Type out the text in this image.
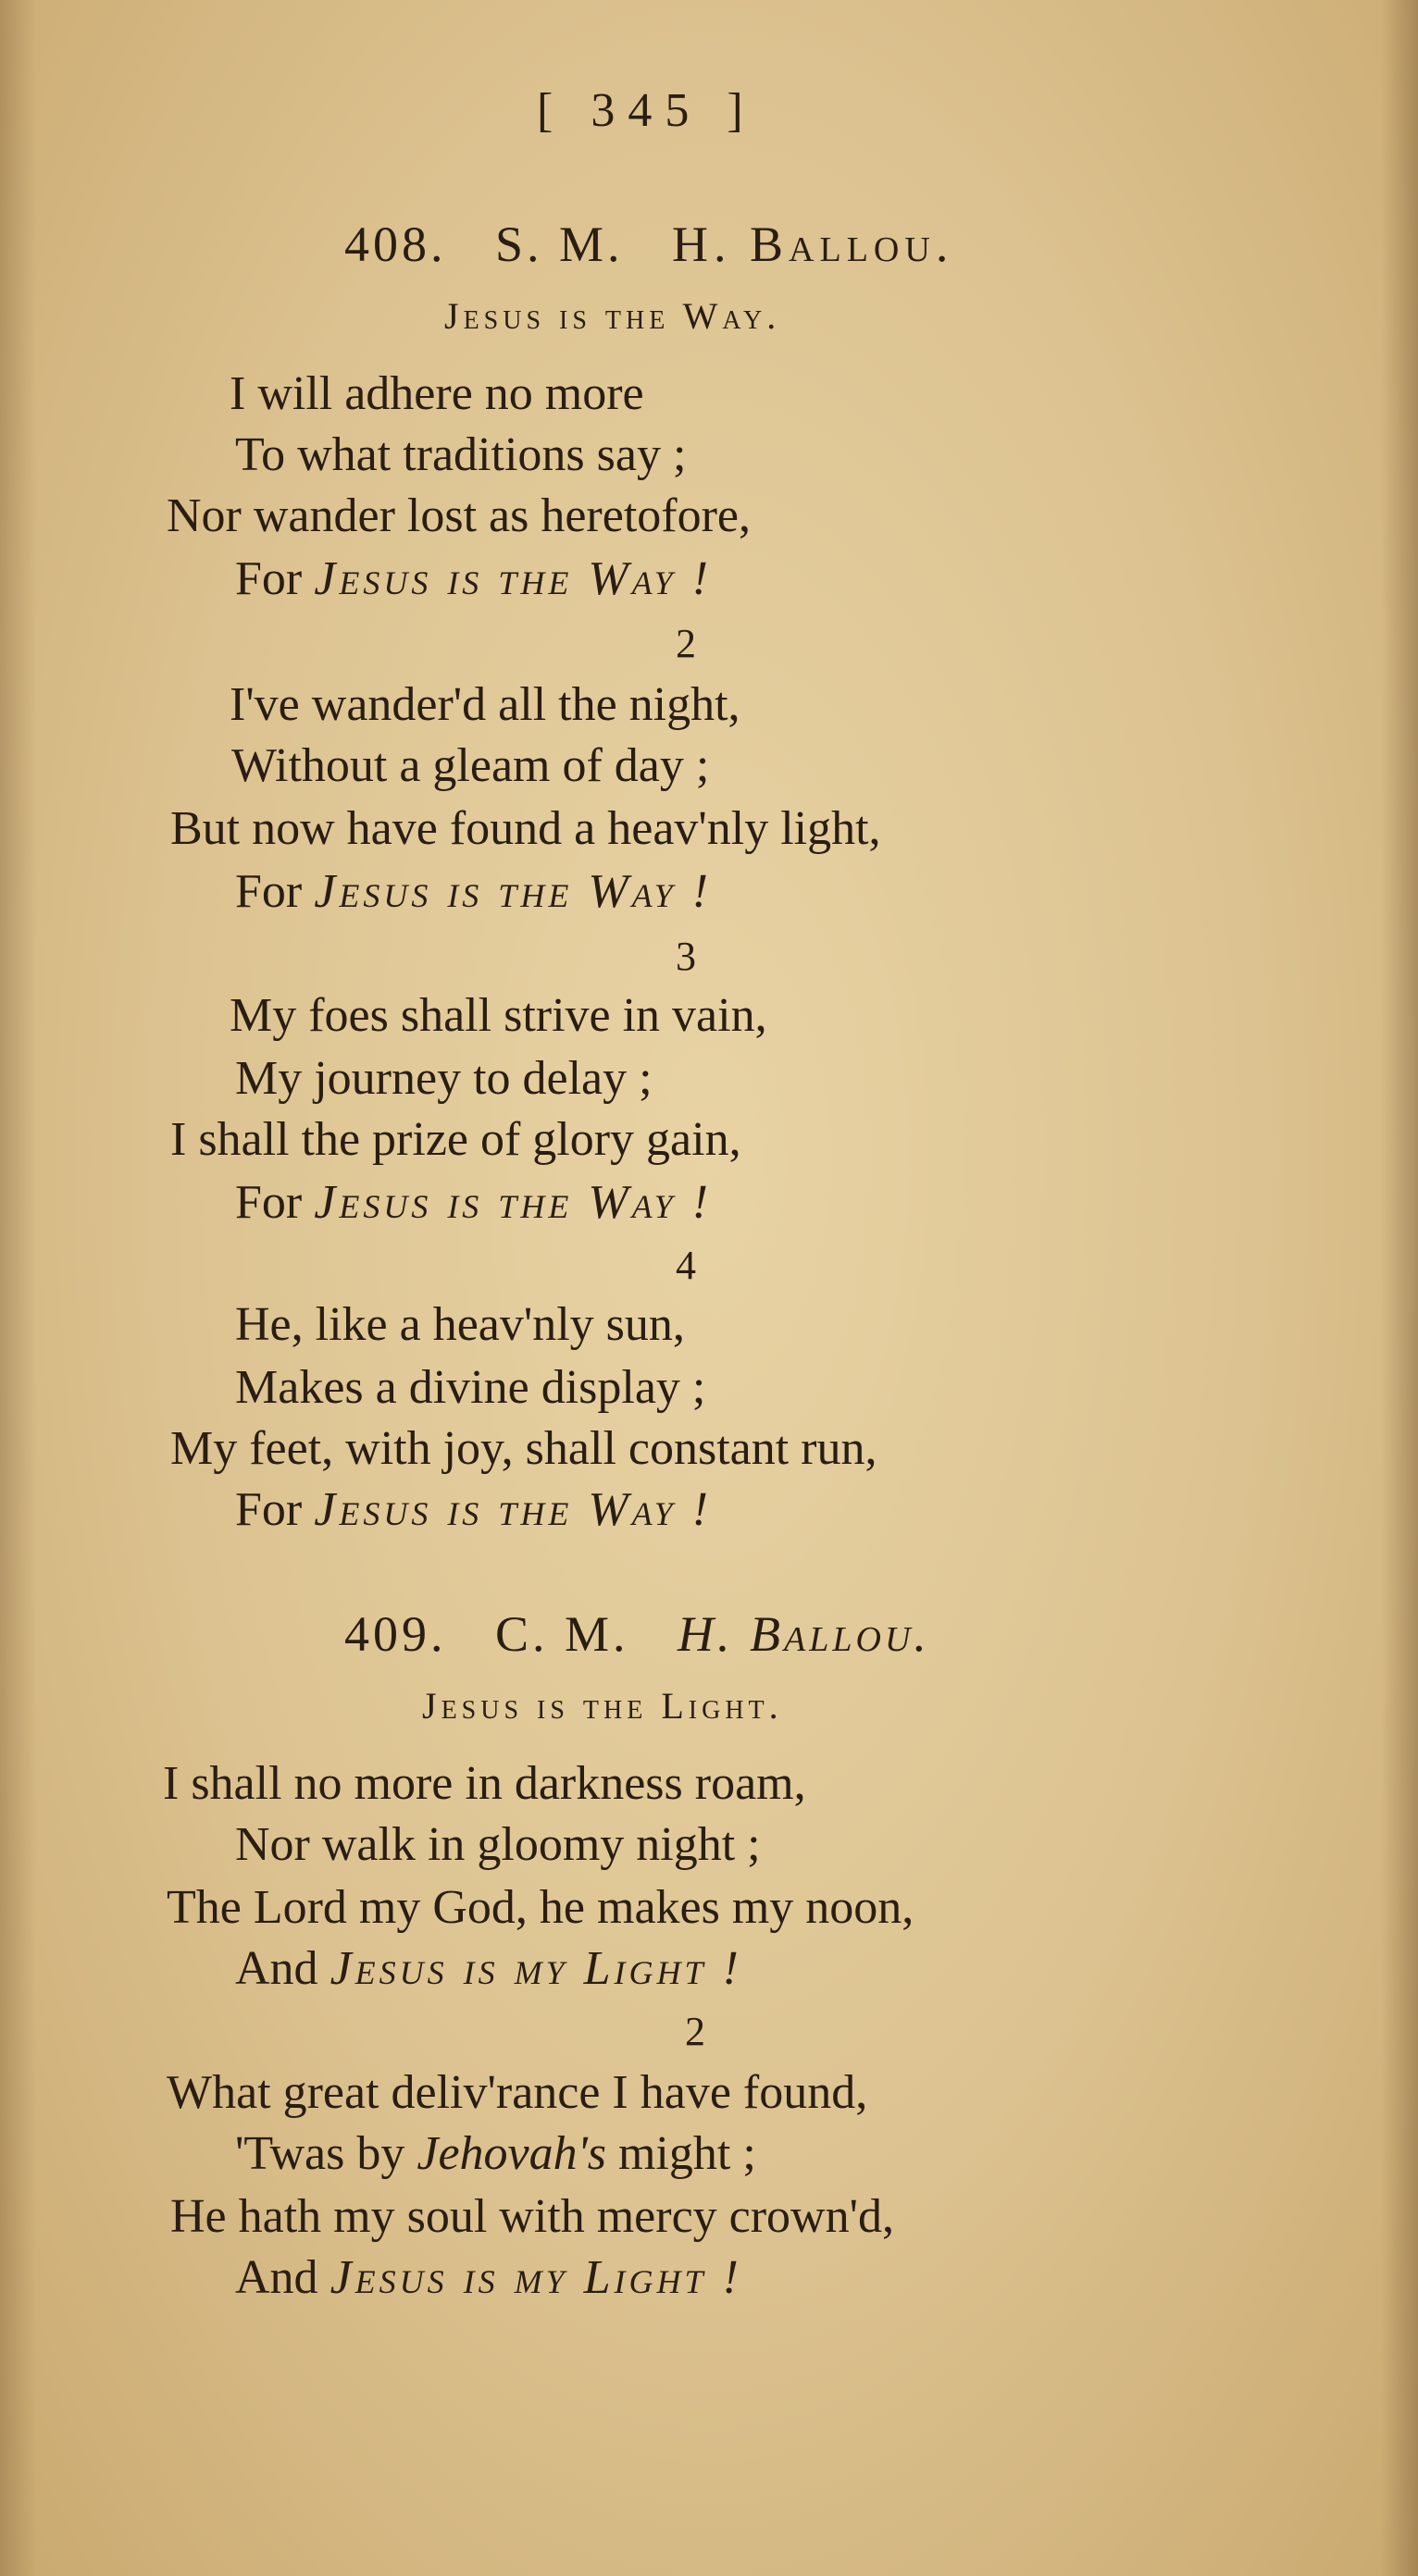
[ 345 ]
408. S. M. H. Ballou.
Jesus is the Way.
I will adhere no more
To what traditions say ;
Nor wander lost as heretofore,
For Jesus is the Way !
2
I've wander'd all the night,
Without a gleam of day ;
But now have found a heav'nly light,
For Jesus is the Way !
3
My foes shall strive in vain,
My journey to delay ;
I shall the prize of glory gain,
For Jesus is the Way !
4
He, like a heav'nly sun,
Makes a divine display ;
My feet, with joy, shall constant run,
For Jesus is the Way !
409. C. M. H. Ballou.
Jesus is the Light.
I shall no more in darkness roam,
Nor walk in gloomy night ;
The Lord my God, he makes my noon,
And Jesus is my Light !
2
What great deliv'rance I have found,
'Twas by Jehovah's might ;
He hath my soul with mercy crown'd,
And Jesus is my Light !
